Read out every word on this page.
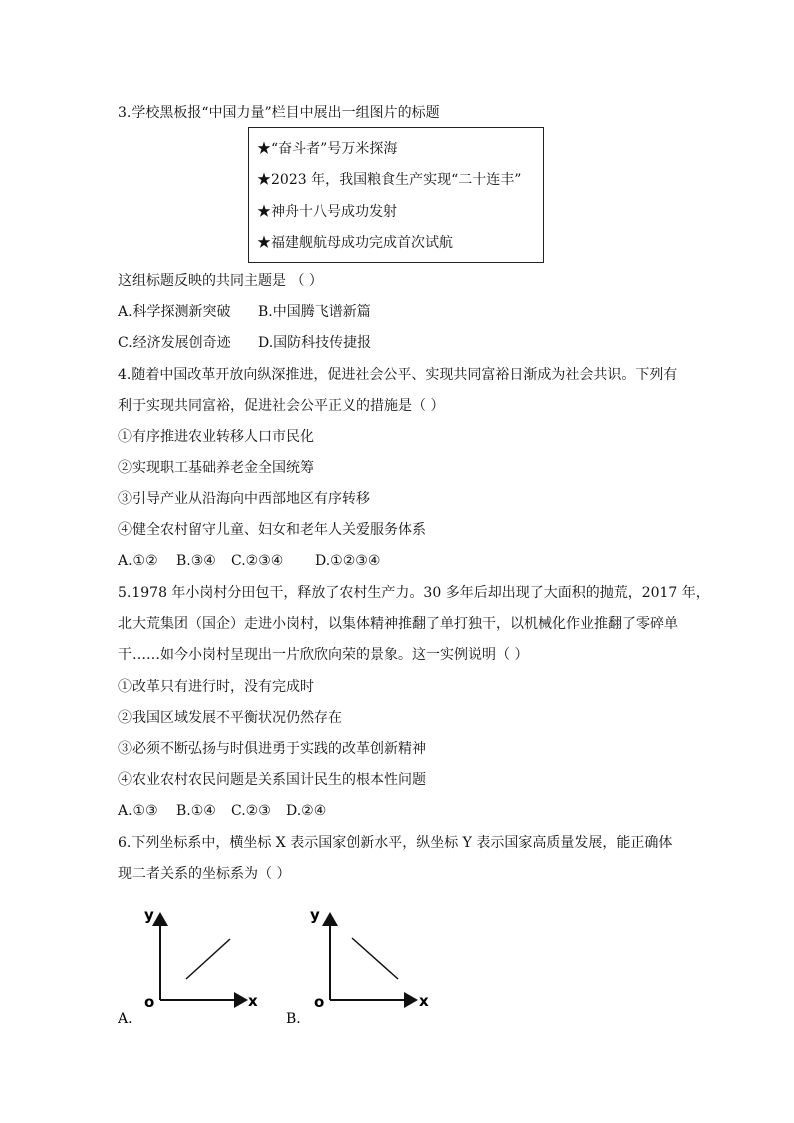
3.学校黑板报“中国力量”栏目中展出一组图片的标题
★“奋斗者”号万米探海
★2023 年，我国粮食生产实现“二十连丰”
★神舟十八号成功发射
★福建舰航母成功完成首次试航
这组标题反映的共同主题是 （ ）
A.科学探测新突破 B.中国腾飞谱新篇
C.经济发展创奇迹 D.国防科技传捷报
4.随着中国改革开放向纵深推进，促进社会公平、实现共同富裕日渐成为社会共识。下列有
利于实现共同富裕，促进社会公平正义的措施是（ ）
①有序推进农业转移人口市民化
②实现职工基础养老金全国统筹
③引导产业从沿海向中西部地区有序转移
④健全农村留守儿童、妇女和老年人关爱服务体系
A.①② B.③④ C.②③④ D.①②③④
5.1978 年小岗村分田包干，释放了农村生产力。30 多年后却出现了大面积的抛荒，2017 年，
北大荒集团（国企）走进小岗村，以集体精神推翻了单打独干，以机械化作业推翻了零碎单
干……如今小岗村呈现出一片欣欣向荣的景象。这一实例说明（ ）
①改革只有进行时，没有完成时
②我国区域发展不平衡状况仍然存在
③必须不断弘扬与时俱进勇于实践的改革创新精神
④农业农村农民问题是关系国计民生的根本性问题
A.①③ B.①④ C.②③ D.②④
6.下列坐标系中，横坐标 X 表示国家创新水平，纵坐标 Y 表示国家高质量发展，能正确体
现二者关系的坐标系为（ ）
y
x
o
A.
y
x
o
B.
